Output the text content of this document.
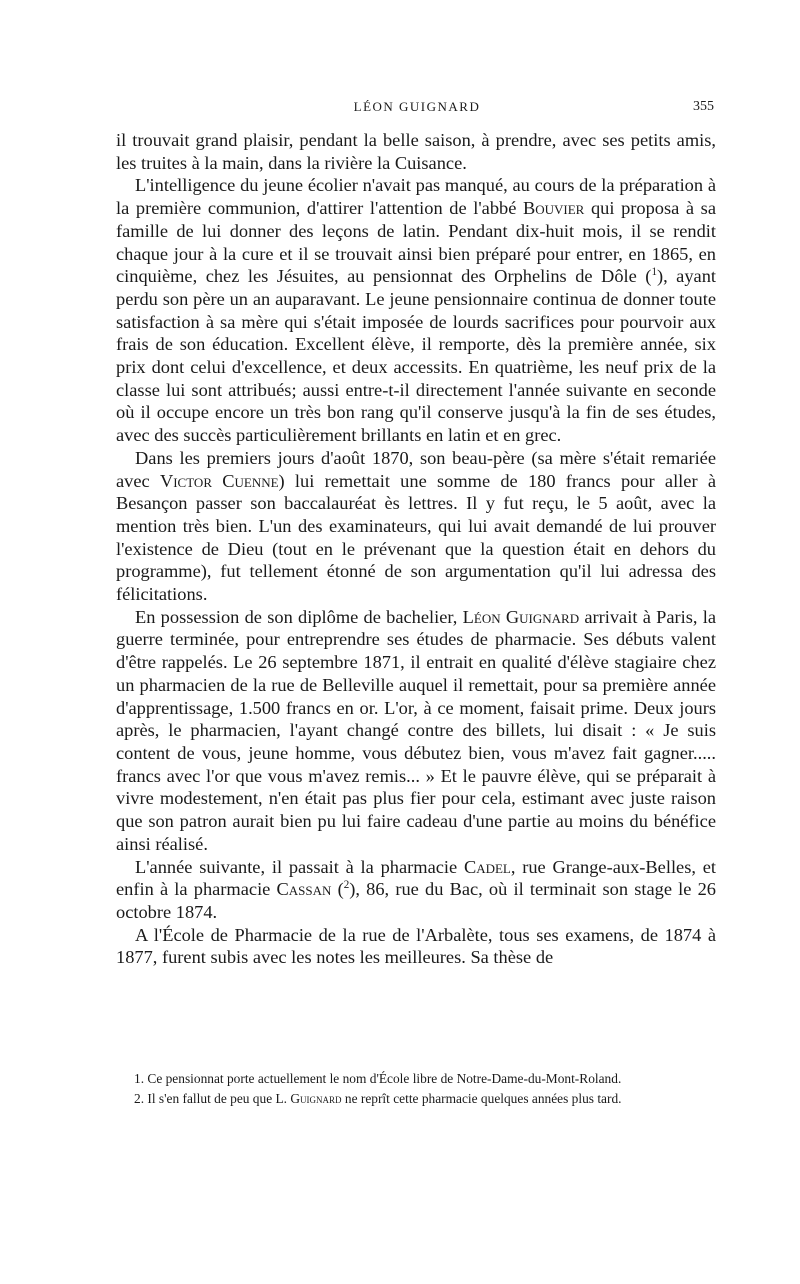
LÉON GUIGNARD	355

il trouvait grand plaisir, pendant la belle saison, à prendre, avec ses petits amis, les truites à la main, dans la rivière la Cuisance.

L'intelligence du jeune écolier n'avait pas manqué, au cours de la préparation à la première communion, d'attirer l'attention de l'abbé Bouvier qui proposa à sa famille de lui donner des leçons de latin. Pendant dix-huit mois, il se rendit chaque jour à la cure et il se trouvait ainsi bien préparé pour entrer, en 1865, en cinquième, chez les Jésuites, au pensionnat des Orphelins de Dôle ($^1$), ayant perdu son père un an auparavant. Le jeune pensionnaire continua de donner toute satisfaction à sa mère qui s'était imposée de lourds sacrifices pour pourvoir aux frais de son éducation. Excellent élève, il remporte, dès la première année, six prix dont celui d'excellence, et deux accessits. En quatrième, les neuf prix de la classe lui sont attribués; aussi entre-t-il directement l'année suivante en seconde où il occupe encore un très bon rang qu'il conserve jusqu'à la fin de ses études, avec des succès particulièrement brillants en latin et en grec.

Dans les premiers jours d'août 1870, son beau-père (sa mère s'était remariée avec Victor Cuenne) lui remettait une somme de 180 francs pour aller à Besançon passer son baccalauréat ès lettres. Il y fut reçu, le 5 août, avec la mention très bien. L'un des examinateurs, qui lui avait demandé de lui prouver l'existence de Dieu (tout en le prévenant que la question était en dehors du programme), fut tellement étonné de son argumentation qu'il lui adressa des félicitations.

En possession de son diplôme de bachelier, Léon Guignard arrivait à Paris, la guerre terminée, pour entreprendre ses études de pharmacie. Ses débuts valent d'être rappelés. Le 26 septembre 1871, il entrait en qualité d'élève stagiaire chez un pharmacien de la rue de Belleville auquel il remettait, pour sa première année d'apprentissage, 1.500 francs en or. L'or, à ce moment, faisait prime. Deux jours après, le pharmacien, l'ayant changé contre des billets, lui disait : « Je suis content de vous, jeune homme, vous débutez bien, vous m'avez fait gagner..... francs avec l'or que vous m'avez remis... » Et le pauvre élève, qui se préparait à vivre modestement, n'en était pas plus fier pour cela, estimant avec juste raison que son patron aurait bien pu lui faire cadeau d'une partie au moins du bénéfice ainsi réalisé.

L'année suivante, il passait à la pharmacie Cadel, rue Grange-aux-Belles, et enfin à la pharmacie Cassan ($^2$), 86, rue du Bac, où il terminait son stage le 26 octobre 1874.

A l'École de Pharmacie de la rue de l'Arbalète, tous ses examens, de 1874 à 1877, furent subis avec les notes les meilleures. Sa thèse de

1. Ce pensionnat porte actuellement le nom d'École libre de Notre-Dame-du-Mont-Roland.

2. Il s'en fallut de peu que L. Guignard ne reprît cette pharmacie quelques années plus tard.
